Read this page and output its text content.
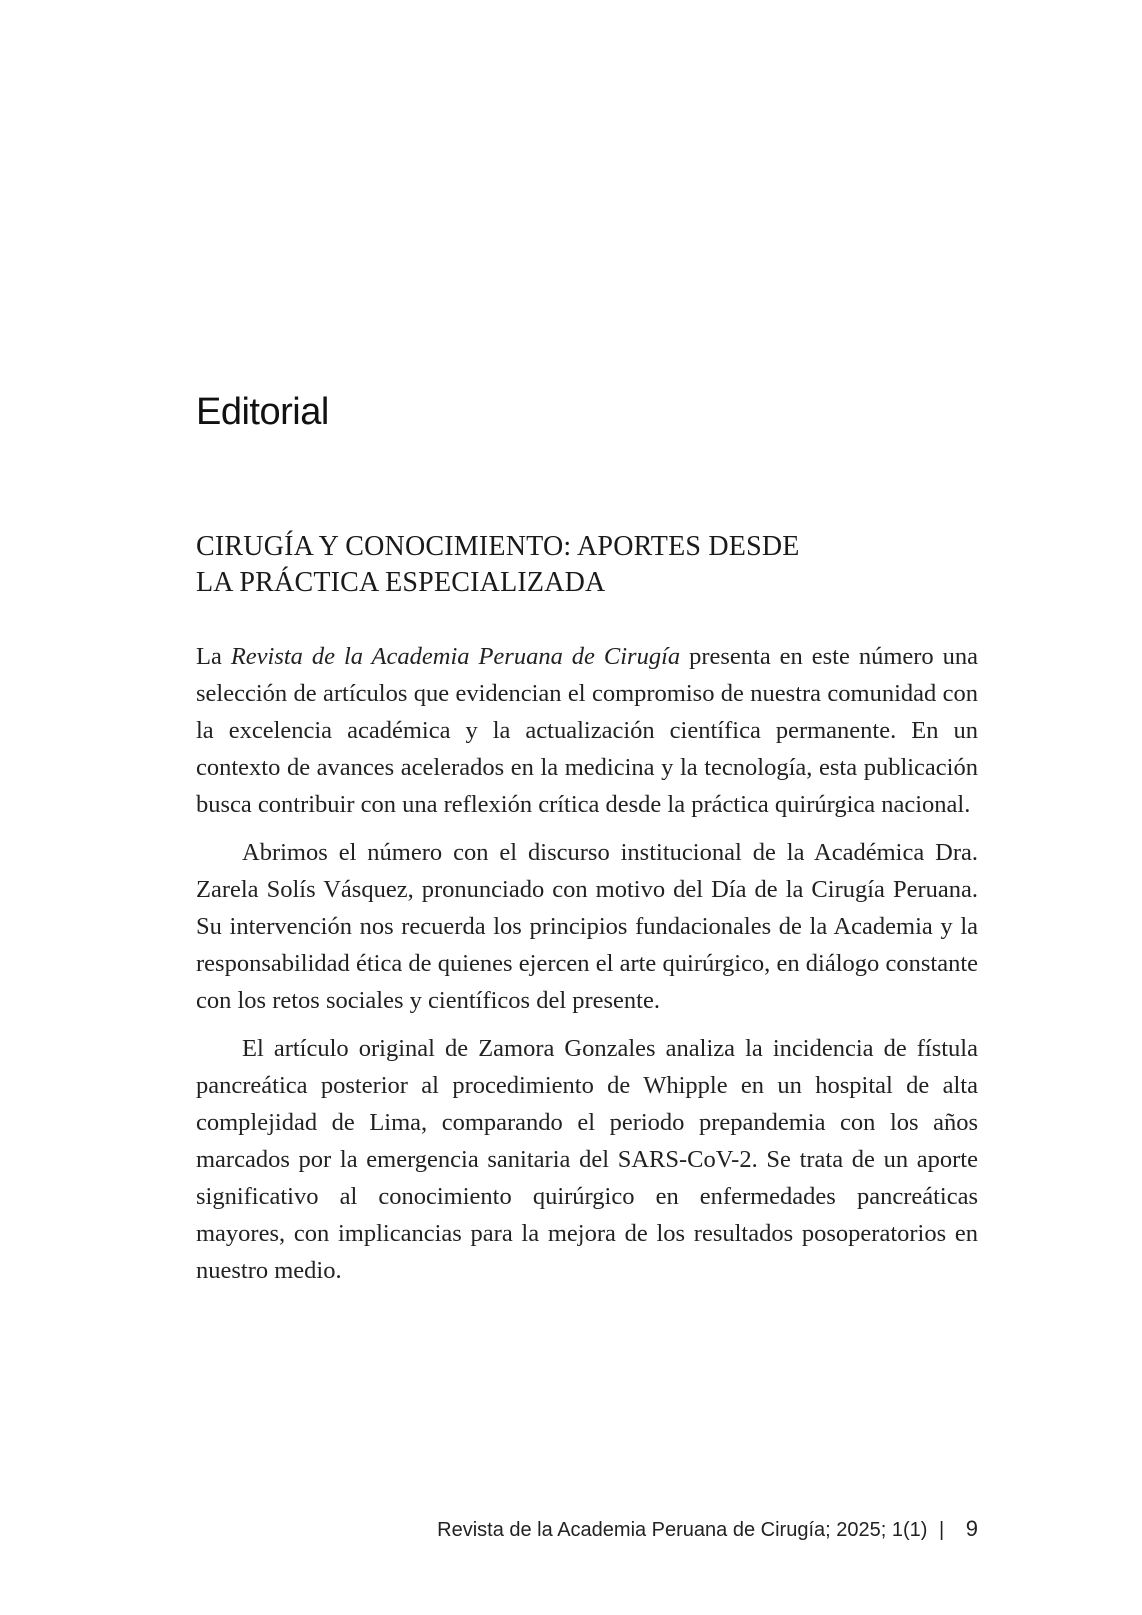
Editorial
CIRUGÍA Y CONOCIMIENTO: APORTES DESDE
LA PRÁCTICA ESPECIALIZADA

La Revista de la Academia Peruana de Cirugía presenta en este número una selección de artículos que evidencian el compromiso de nuestra comunidad con la excelencia académica y la actualización científica permanente. En un contexto de avances acelerados en la medicina y la tecnología, esta publicación busca contribuir con una reflexión crítica desde la práctica quirúrgica nacional.

Abrimos el número con el discurso institucional de la Académica Dra. Zarela Solís Vásquez, pronunciado con motivo del Día de la Cirugía Peruana. Su intervención nos recuerda los principios fundacionales de la Academia y la responsabilidad ética de quienes ejercen el arte quirúrgico, en diálogo constante con los retos sociales y científicos del presente.

El artículo original de Zamora Gonzales analiza la incidencia de fístula pancreática posterior al procedimiento de Whipple en un hospital de alta complejidad de Lima, comparando el periodo prepandemia con los años marcados por la emergencia sanitaria del SARS-CoV-2. Se trata de un aporte significativo al conocimiento quirúrgico en enfermedades pancreáticas mayores, con implicancias para la mejora de los resultados posoperatorios en nuestro medio.

Revista de la Academia Peruana de Cirugía; 2025; 1(1) | 9
